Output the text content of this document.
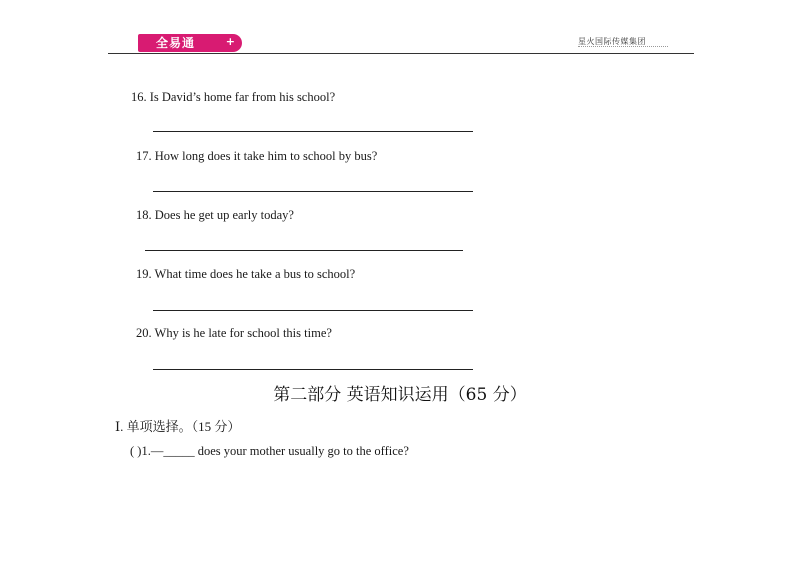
全易通	+	星火国际传媒集团
16. Is David’s home far from his school?
17. How long does it take him to school by bus?
18. Does he get up early today?
19. What time does he take a bus to school?
20. Why is he late for school this time?
第二部分 英语知识运用（65 分）
Ⅰ. 单项选择。（15 分）
( )1.—_____ does your mother usually go to the office?
